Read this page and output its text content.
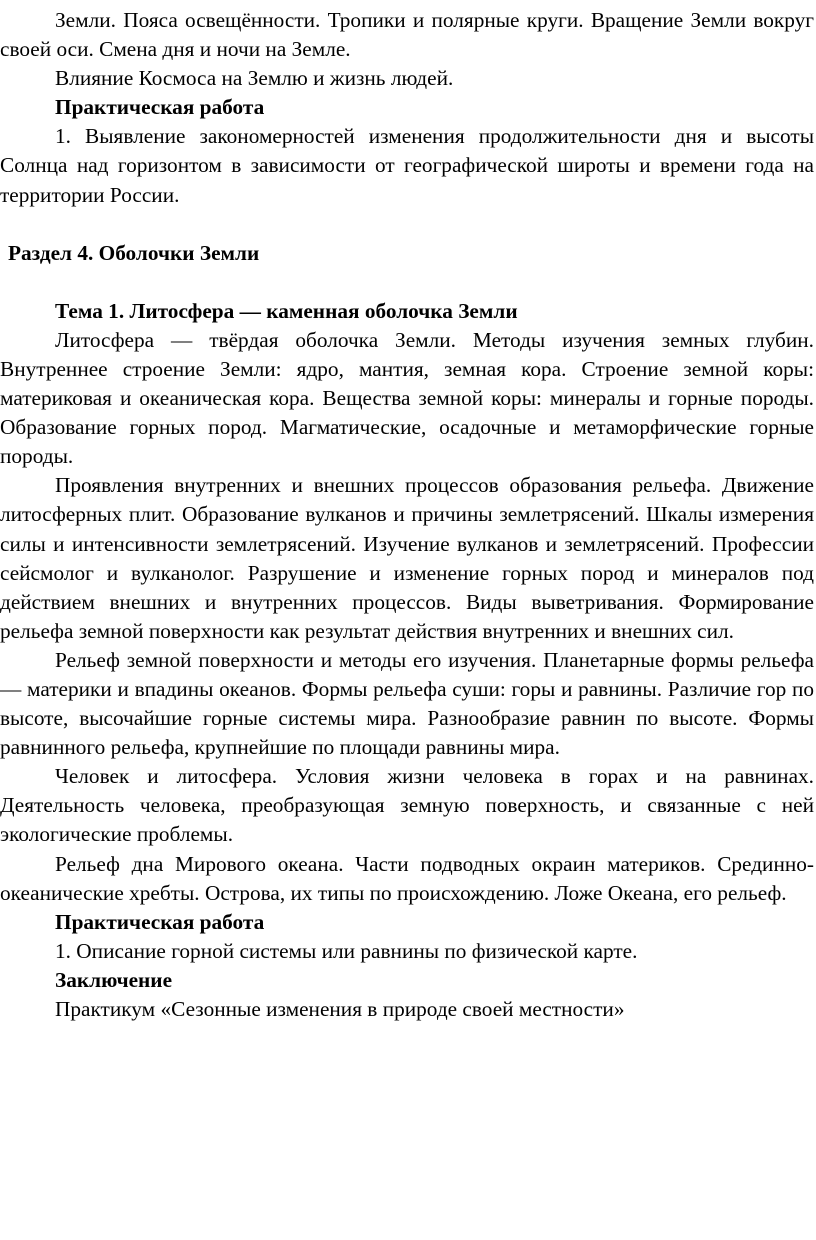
Земли. Пояса освещённости. Тропики и полярные круги. Вращение Земли вокруг своей оси. Смена дня и ночи на Земле.

Влияние Космоса на Землю и жизнь людей.

Практическая работа

1. Выявление закономерностей изменения продолжительности дня и высоты Солнца над горизонтом в зависимости от географической широты и времени года на территории России.

Раздел 4. Оболочки Земли

Тема 1. Литосфера — каменная оболочка Земли

Литосфера — твёрдая оболочка Земли. Методы изучения земных глубин. Внутреннее строение Земли: ядро, мантия, земная кора. Строение земной коры: материковая и океаническая кора. Вещества земной коры: минералы и горные породы. Образование горных пород. Магматические, осадочные и метаморфические горные породы.

Проявления внутренних и внешних процессов образования рельефа. Движение литосферных плит. Образование вулканов и причины землетрясений. Шкалы измерения силы и интенсивности землетрясений. Изучение вулканов и землетрясений. Профессии сейсмолог и вулканолог. Разрушение и изменение горных пород и минералов под действием внешних и внутренних процессов. Виды выветривания. Формирование рельефа земной поверхности как результат действия внутренних и внешних сил.

Рельеф земной поверхности и методы его изучения. Планетарные формы рельефа — материки и впадины океанов. Формы рельефа суши: горы и равнины. Различие гор по высоте, высочайшие горные системы мира. Разнообразие равнин по высоте. Формы равнинного рельефа, крупнейшие по площади равнины мира.

Человек и литосфера. Условия жизни человека в горах и на равнинах. Деятельность человека, преобразующая земную поверхность, и связанные с ней экологические проблемы.

Рельеф дна Мирового океана. Части подводных окраин материков. Срединно-океанические хребты. Острова, их типы по происхождению. Ложе Океана, его рельеф.

Практическая работа

1. Описание горной системы или равнины по физической карте.

Заключение

Практикум «Сезонные изменения в природе своей местности»
